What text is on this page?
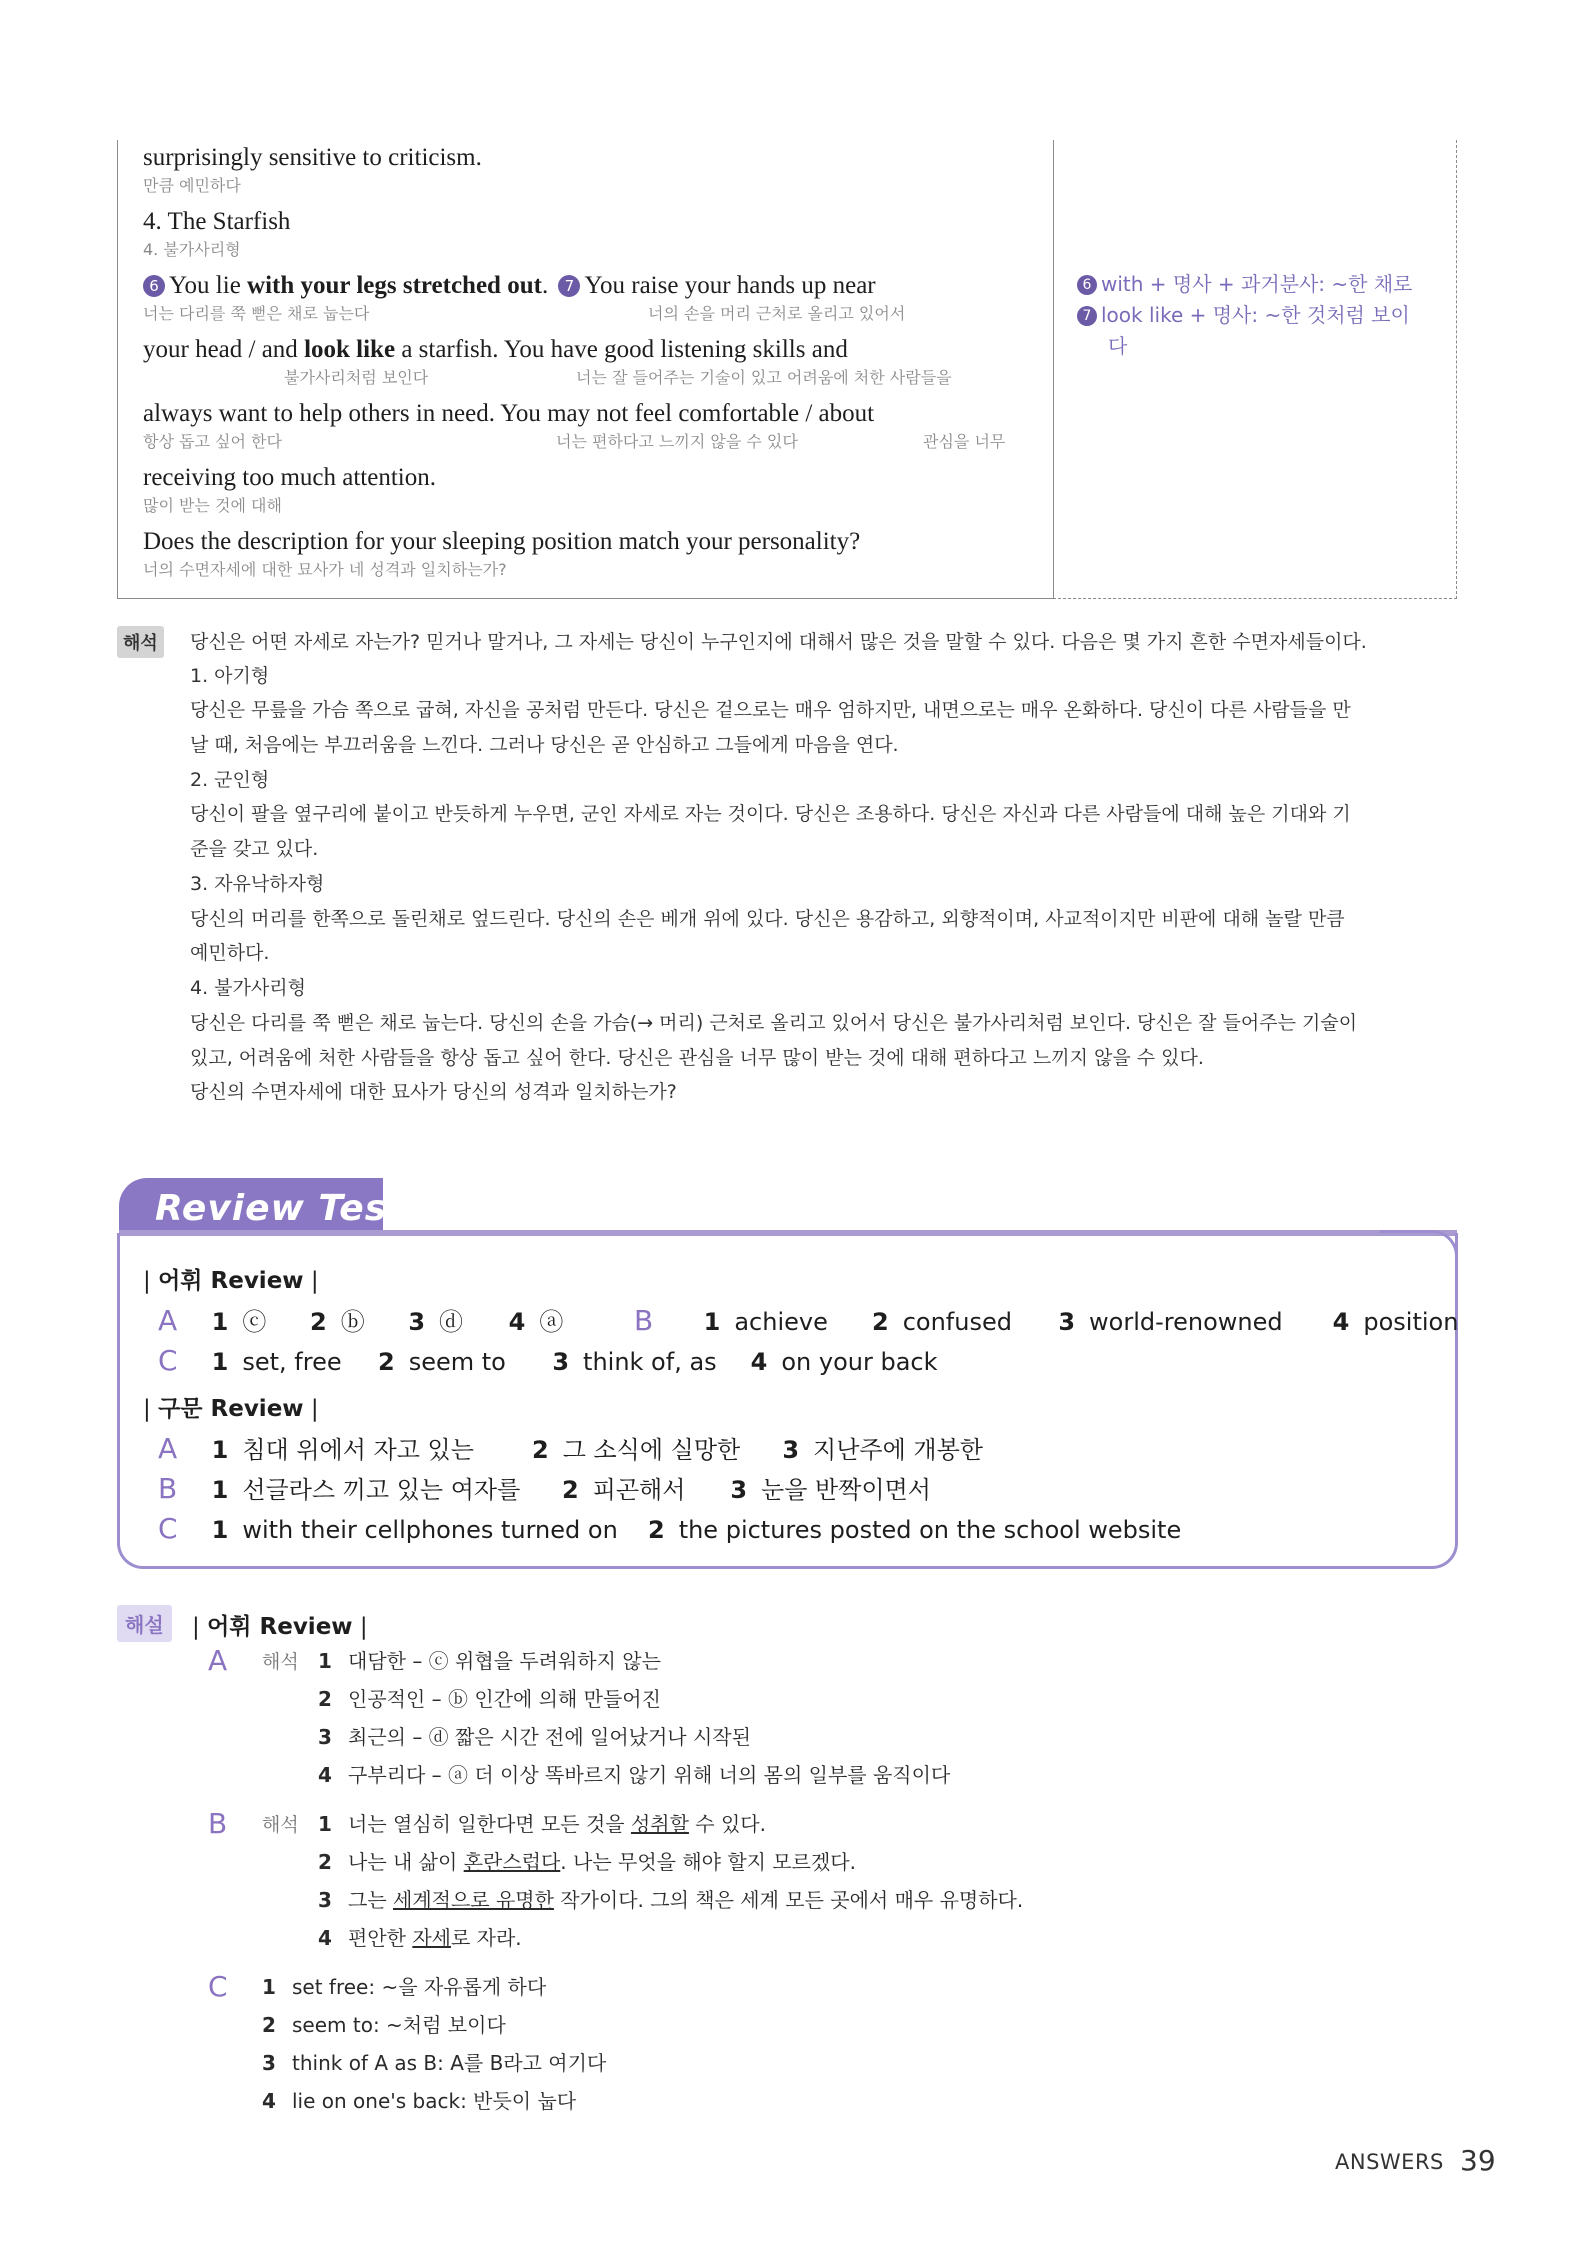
surprisingly sensitive to criticism.
만큼 예민하다
4. The Starfish
4. 불가사리형
6 You lie with your legs stretched out. 7 You raise your hands up near
너는 다리를 쭉 뻗은 채로 눕는다	너의 손을 머리 근처로 올리고 있어서
your head / and look like a starfish. You have good listening skills and
불가사리처럼 보인다	너는 잘 들어주는 기술이 있고 어려움에 처한 사람들을
always want to help others in need. You may not feel comfortable / about
항상 돕고 싶어 한다	너는 편하다고 느끼지 않을 수 있다	관심을 너무
receiving too much attention.
많이 받는 것에 대해
Does the description for your sleeping position match your personality?
너의 수면자세에 대한 묘사가 네 성격과 일치하는가?
6 with + 명사 + 과거분사: ~한 채로
7 look like + 명사: ~한 것처럼 보이
다
해석	당신은 어떤 자세로 자는가? 믿거나 말거나, 그 자세는 당신이 누구인지에 대해서 많은 것을 말할 수 있다. 다음은 몇 가지 흔한 수면자세들이다.
1. 아기형
당신은 무릎을 가슴 쪽으로 굽혀, 자신을 공처럼 만든다. 당신은 겉으로는 매우 엄하지만, 내면으로는 매우 온화하다. 당신이 다른 사람들을 만
날 때, 처음에는 부끄러움을 느낀다. 그러나 당신은 곧 안심하고 그들에게 마음을 연다.
2. 군인형
당신이 팔을 옆구리에 붙이고 반듯하게 누우면, 군인 자세로 자는 것이다. 당신은 조용하다. 당신은 자신과 다른 사람들에 대해 높은 기대와 기
준을 갖고 있다.
3. 자유낙하자형
당신의 머리를 한쪽으로 돌린채로 엎드린다. 당신의 손은 베개 위에 있다. 당신은 용감하고, 외향적이며, 사교적이지만 비판에 대해 놀랄 만큼
예민하다.
4. 불가사리형
당신은 다리를 쭉 뻗은 채로 눕는다. 당신의 손을 가슴(→ 머리) 근처로 올리고 있어서 당신은 불가사리처럼 보인다. 당신은 잘 들어주는 기술이
있고, 어려움에 처한 사람들을 항상 돕고 싶어 한다. 당신은 관심을 너무 많이 받는 것에 대해 편하다고 느끼지 않을 수 있다.
당신의 수면자세에 대한 묘사가 당신의 성격과 일치하는가?
Review Test
| 어휘 Review |
A 1 ⓒ 2 ⓑ 3 ⓓ 4 ⓐ	B 1 achieve 2 confused 3 world-renowned 4 position
C 1 set, free 2 seem to 3 think of, as 4 on your back
| 구문 Review |
A 1 침대 위에서 자고 있는 2 그 소식에 실망한 3 지난주에 개봉한
B 1 선글라스 끼고 있는 여자를 2 피곤해서 3 눈을 반짝이면서
C 1 with their cellphones turned on 2 the pictures posted on the school website
해설	| 어휘 Review |
A 해석 1 대담한 – ⓒ 위협을 두려워하지 않는
2 인공적인 – ⓑ 인간에 의해 만들어진
3 최근의 – ⓓ 짧은 시간 전에 일어났거나 시작된
4 구부리다 – ⓐ 더 이상 똑바르지 않기 위해 너의 몸의 일부를 움직이다
B 해석 1 너는 열심히 일한다면 모든 것을 성취할 수 있다.
2 나는 내 삶이 혼란스럽다. 나는 무엇을 해야 할지 모르겠다.
3 그는 세계적으로 유명한 작가이다. 그의 책은 세계 모든 곳에서 매우 유명하다.
4 편안한 자세로 자라.
C 1 set free: ~을 자유롭게 하다
2 seem to: ~처럼 보이다
3 think of A as B: A를 B라고 여기다
4 lie on one's back: 반듯이 눕다
ANSWERS 39
